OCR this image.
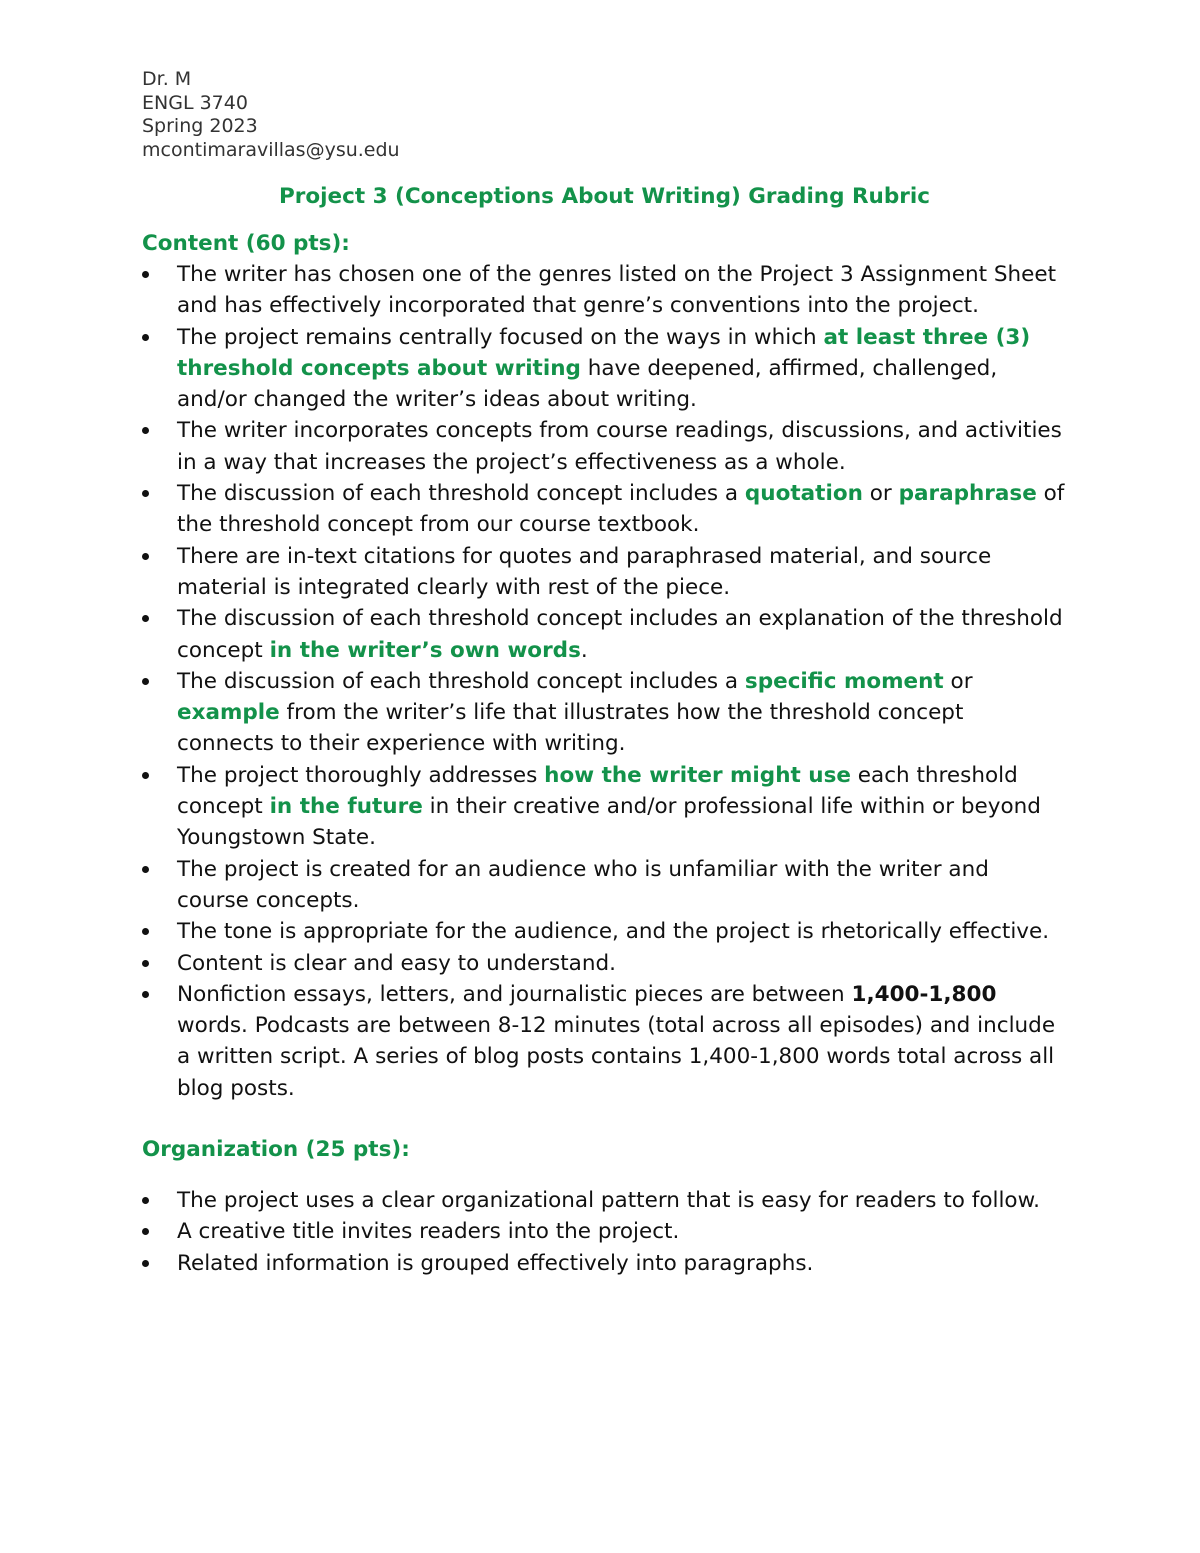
Dr. M

ENGL 3740

Spring 2023

mcontimaravillas@ysu.edu

Project 3 (Conceptions About Writing) Grading Rubric
Content (60 pts):
The writer has chosen one of the genres listed on the Project 3 Assignment Sheet and has effectively incorporated that genre’s conventions into the project.
The project remains centrally focused on the ways in which at least three (3) threshold concepts about writing have deepened, affirmed, challenged, and/or changed the writer’s ideas about writing.
The writer incorporates concepts from course readings, discussions, and activities in a way that increases the project’s effectiveness as a whole.
The discussion of each threshold concept includes a quotation or paraphrase of the threshold concept from our course textbook.
There are in-text citations for quotes and paraphrased material, and source material is integrated clearly with rest of the piece.
The discussion of each threshold concept includes an explanation of the threshold concept in the writer’s own words.
The discussion of each threshold concept includes a specific moment or example from the writer’s life that illustrates how the threshold concept connects to their experience with writing.
The project thoroughly addresses how the writer might use each threshold concept in the future in their creative and/or professional life within or beyond Youngstown State.
The project is created for an audience who is unfamiliar with the writer and course concepts.
The tone is appropriate for the audience, and the project is rhetorically effective.
Content is clear and easy to understand.
Nonfiction essays, letters, and journalistic pieces are between 1,400-1,800 words. Podcasts are between 8-12 minutes (total across all episodes) and include a written script. A series of blog posts contains 1,400-1,800 words total across all blog posts.
Organization (25 pts):
The project uses a clear organizational pattern that is easy for readers to follow.
A creative title invites readers into the project.
Related information is grouped effectively into paragraphs.
